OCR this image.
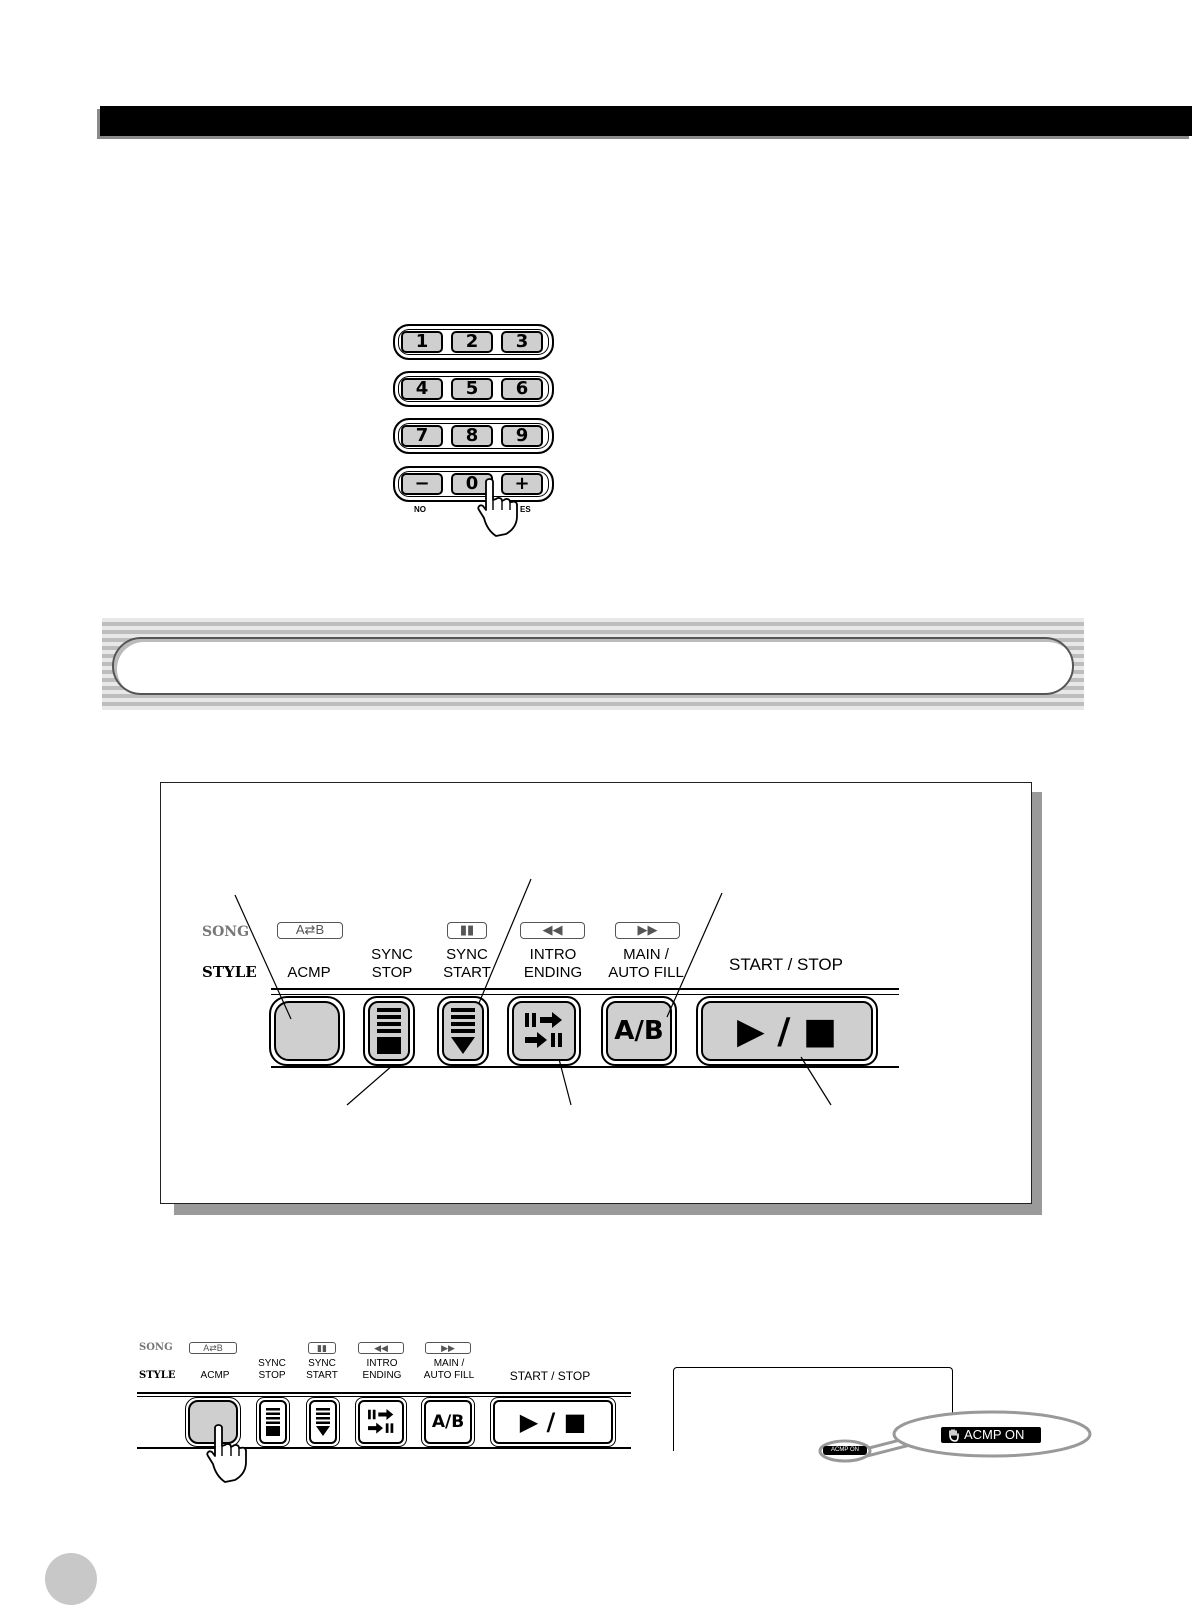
1	2	3
4	5	6
7	8	9
−	0	+
NO	ES
SONG	A⇄B
STYLE	ACMP
SYNC
STOP
▮▮
SYNC
START
◀◀
INTRO
ENDING
▶▶
MAIN /
AUTO FILL	START / STOP
A/B	▶ / ■
SONG	A⇄B
STYLE	ACMP
SYNC
STOP
▮▮
SYNC
START
◀◀
INTRO
ENDING
▶▶
MAIN /
AUTO FILL	START / STOP
A/B	▶ / ■
ACMP ON
ACMP ON
